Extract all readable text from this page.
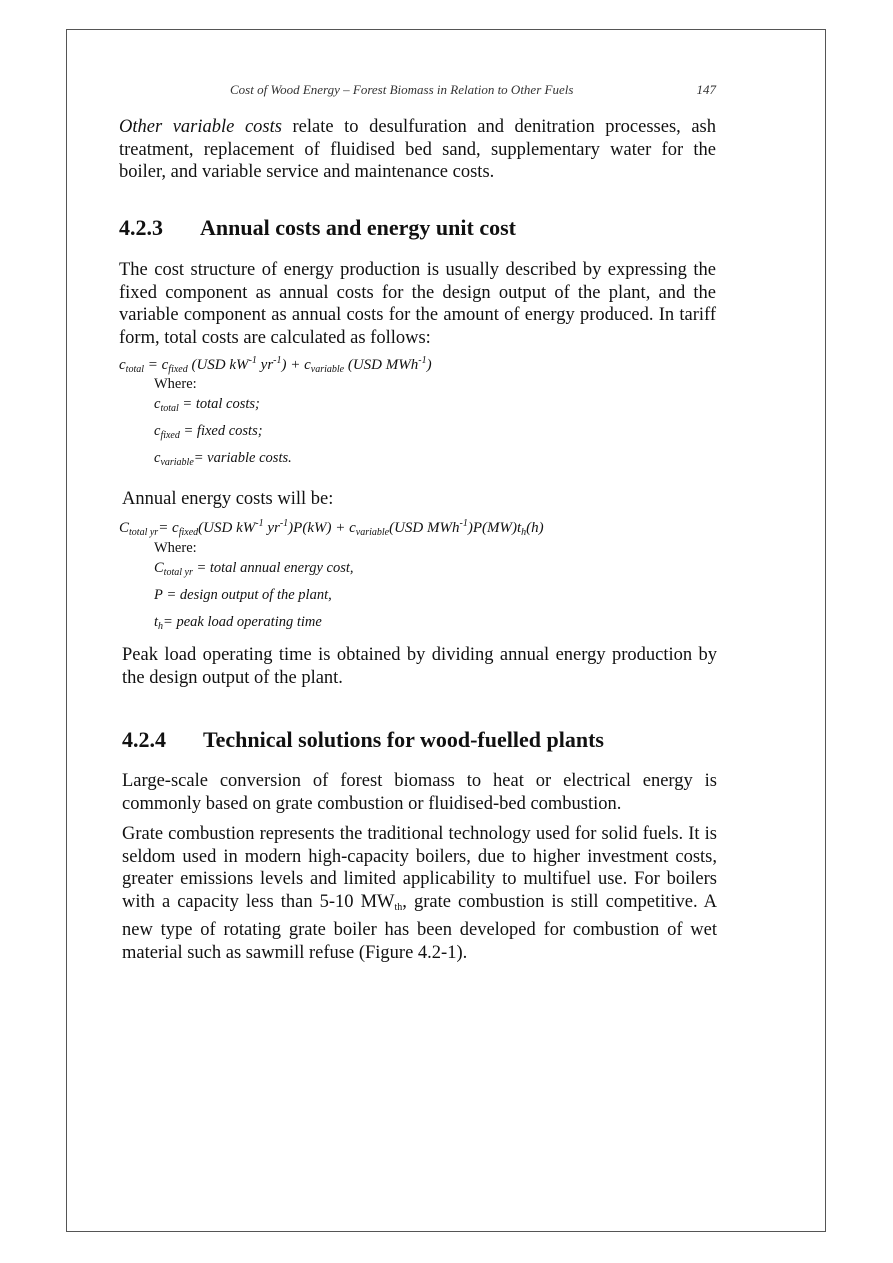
Cost of Wood Energy – Forest Biomass in Relation to Other Fuels	147

Other variable costs relate to desulfuration and denitration processes, ash treatment, replacement of fluidised bed sand, supplementary water for the boiler, and variable service and maintenance costs.

4.2.3	Annual costs and energy unit cost

The cost structure of energy production is usually described by expressing the fixed component as annual costs for the design output of the plant, and the variable component as annual costs for the amount of energy produced. In tariff form, total costs are calculated as follows:

$c_{total} = c_{fixed}$ (USD $kW^{-1}$ $yr^{-1}) + c_{variable}$ (USD MWh$^{-1}$)

Where:

$c_{total}$ = total costs;

$c_{fixed}$ = fixed costs;

$c_{variable}=$ variable costs.

Annual energy costs will be:

$C_{total yr}= c_{fixed}(USD$ $kW^{-1}$ $yr^{-1})P(kW) + c_{variable}(USD$ $MWh^{-1})P(MW)t_h(h)$

Where:

$C_{total yr}$ = total annual energy cost,

P = design output of the plant,

$t_h=$ peak load operating time

Peak load operating time is obtained by dividing annual energy production by the design output of the plant.

4.2.4	Technical solutions for wood-fuelled plants

Large-scale conversion of forest biomass to heat or electrical energy is commonly based on grate combustion or fluidised-bed combustion.

Grate combustion represents the traditional technology used for solid fuels. It is seldom used in modern high-capacity boilers, due to higher investment costs, greater emissions levels and limited applicability to multifuel use. For boilers with a capacity less than 5-10 $MW_{th}$, grate combustion is still competitive. A new type of rotating grate boiler has been developed for combustion of wet material such as sawmill refuse (Figure 4.2-1).
